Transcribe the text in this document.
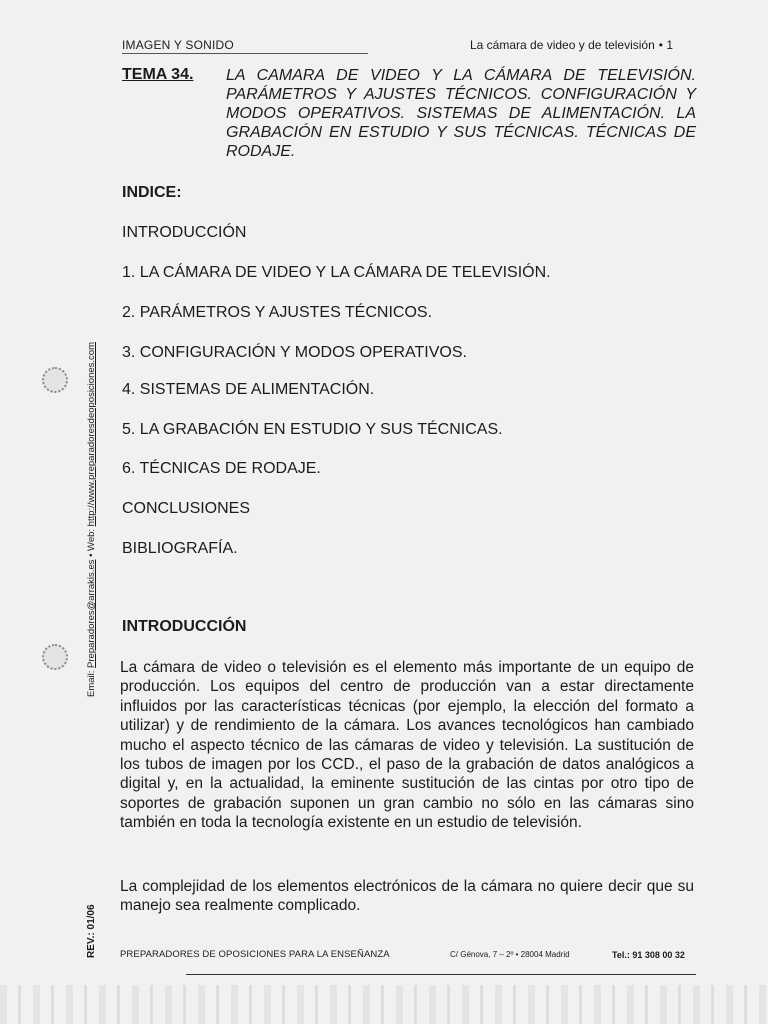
IMAGEN Y SONIDO	La cámara de video y de televisión • 1
TEMA 34. LA CAMARA DE VIDEO Y LA CÁMARA DE TELEVISIÓN. PARÁMETROS Y AJUSTES TÉCNICOS. CONFIGURACIÓN Y MODOS OPERATIVOS. SISTEMAS DE ALIMENTACIÓN. LA GRABACIÓN EN ESTUDIO Y SUS TÉCNICAS. TÉCNICAS DE RODAJE.
INDICE:
INTRODUCCIÓN
1. LA CÁMARA DE VIDEO Y LA CÁMARA DE TELEVISIÓN.
2. PARÁMETROS Y AJUSTES TÉCNICOS.
3. CONFIGURACIÓN Y MODOS OPERATIVOS.
4. SISTEMAS DE ALIMENTACIÓN.
5. LA GRABACIÓN EN ESTUDIO Y SUS TÉCNICAS.
6. TÉCNICAS DE RODAJE.
CONCLUSIONES
BIBLIOGRAFÍA.
INTRODUCCIÓN
La cámara de video o televisión es el elemento más importante de un equipo de producción. Los equipos del centro de producción van a estar directamente influidos por las características técnicas (por ejemplo, la elección del formato a utilizar) y de rendimiento de la cámara. Los avances tecnológicos han cambiado mucho el aspecto técnico de las cámaras de video y televisión. La sustitución de los tubos de imagen por los CCD., el paso de la grabación de datos analógicos a digital y, en la actualidad, la eminente sustitución de las cintas por otro tipo de soportes de grabación suponen un gran cambio no sólo en las cámaras sino también en toda la tecnología existente en un estudio de televisión.
La complejidad de los elementos electrónicos de la cámara no quiere decir que su manejo sea realmente complicado.
Email: Preparadores@arrakis.es • Web: http://www.preparadoresdeoposiciones.com
REV.: 01/06 PREPARADORES DE OPOSICIONES PARA LA ENSEÑANZA	C/ Génova, 7 – 2º • 28004 Madrid	Tel.: 91 308 00 32
